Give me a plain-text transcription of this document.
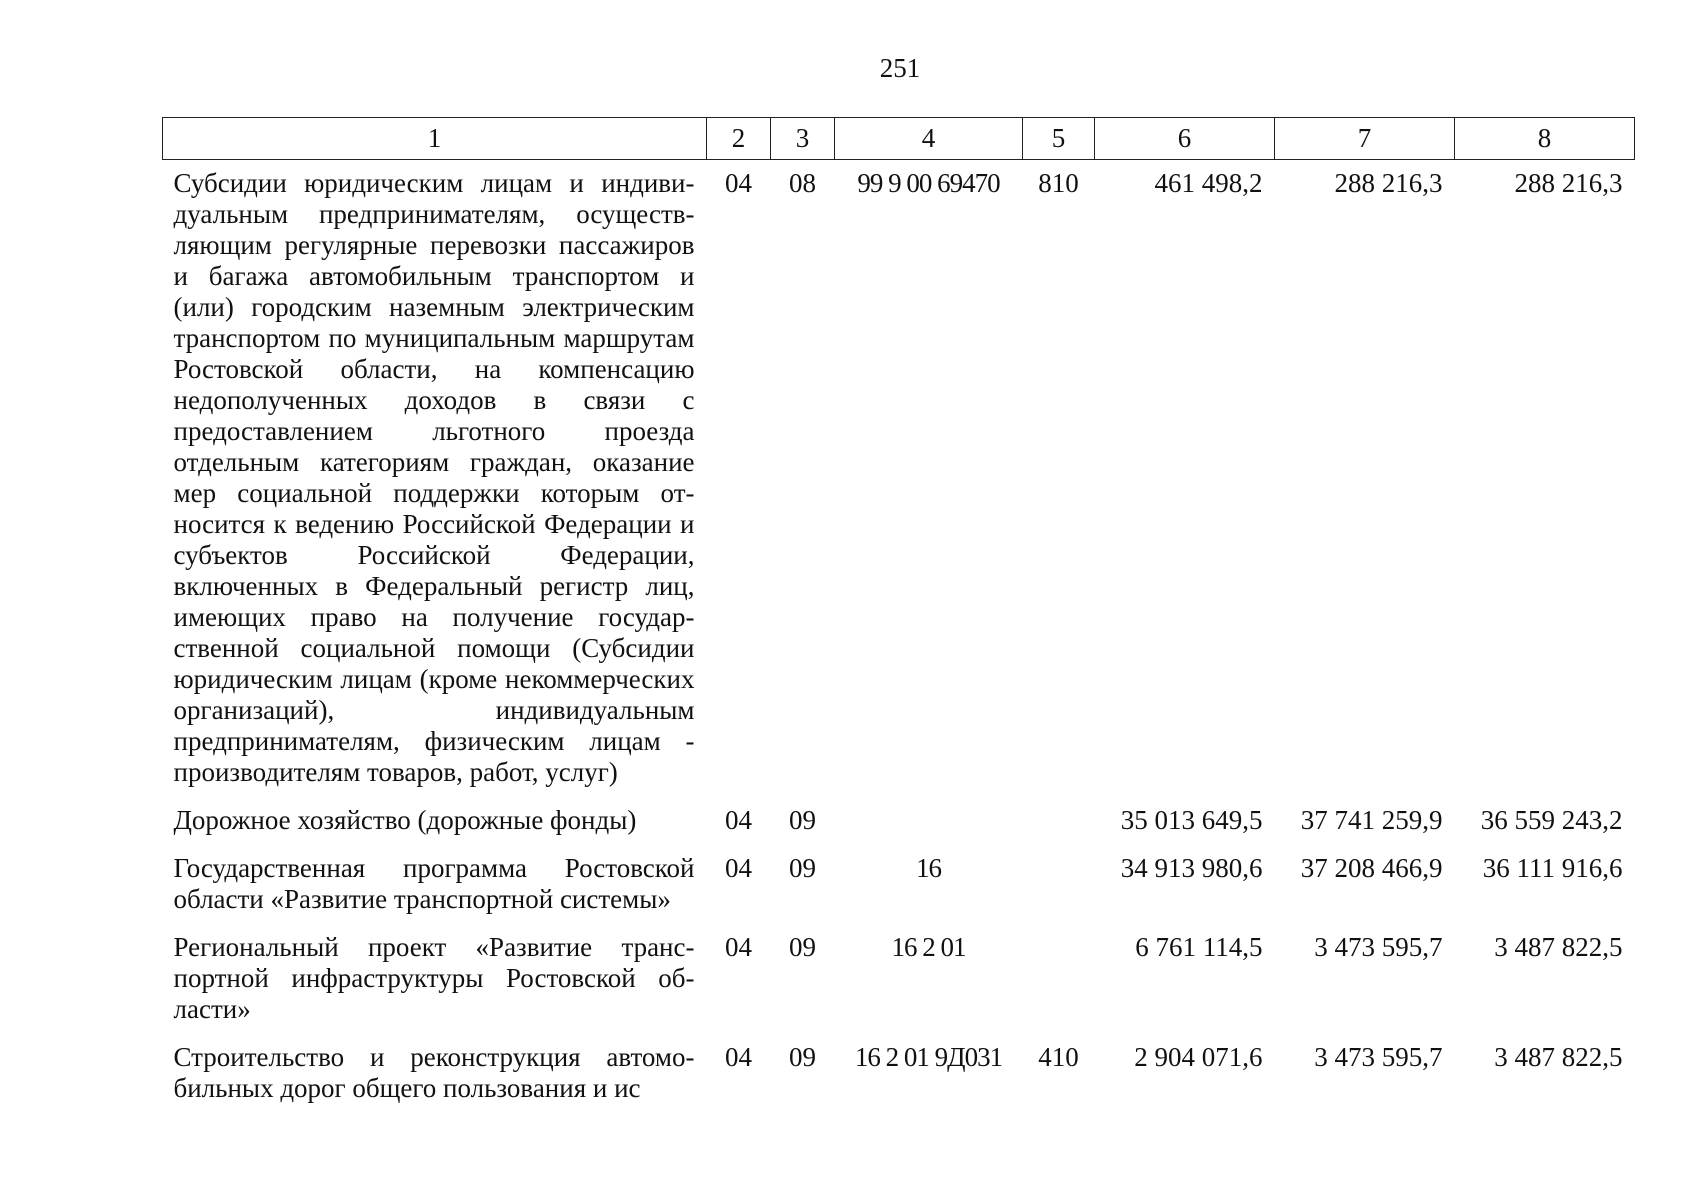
251
1	2	3	4	5	6	7	8
Субсидии юридическим лицам и индивидуальным предпринимателям, осуществляющим регулярные перевозки пассажиров и багажа автомобильным транспортом и (или) городским наземным электрическим транспортом по муниципальным маршрутам Ростовской области, на компенсацию недополученных доходов в связи с предоставлением льготного проезда отдельным категориям граждан, оказание мер социальной поддержки которым относится к ведению Российской Федерации и субъектов Российской Федерации, включенных в Федеральный регистр лиц, имеющих право на получение государственной социальной помощи (Субсидии юридическим лицам (кроме некоммерческих организаций), индивидуальным предпринимателям, физическим лицам - производителям товаров, работ, услуг)	04	08	99 9 00 69470	810	461 498,2	288 216,3	288 216,3
Дорожное хозяйство (дорожные фонды)	04	09			35 013 649,5	37 741 259,9	36 559 243,2
Государственная программа Ростовской области «Развитие транспортной системы»	04	09	16		34 913 980,6	37 208 466,9	36 111 916,6
Региональный проект «Развитие транспортной инфраструктуры Ростовской области»	04	09	16 2 01		6 761 114,5	3 473 595,7	3 487 822,5
Строительство и реконструкция автомобильных дорог общего пользования и ис	04	09	16 2 01 9Д031	410	2 904 071,6	3 473 595,7	3 487 822,5
